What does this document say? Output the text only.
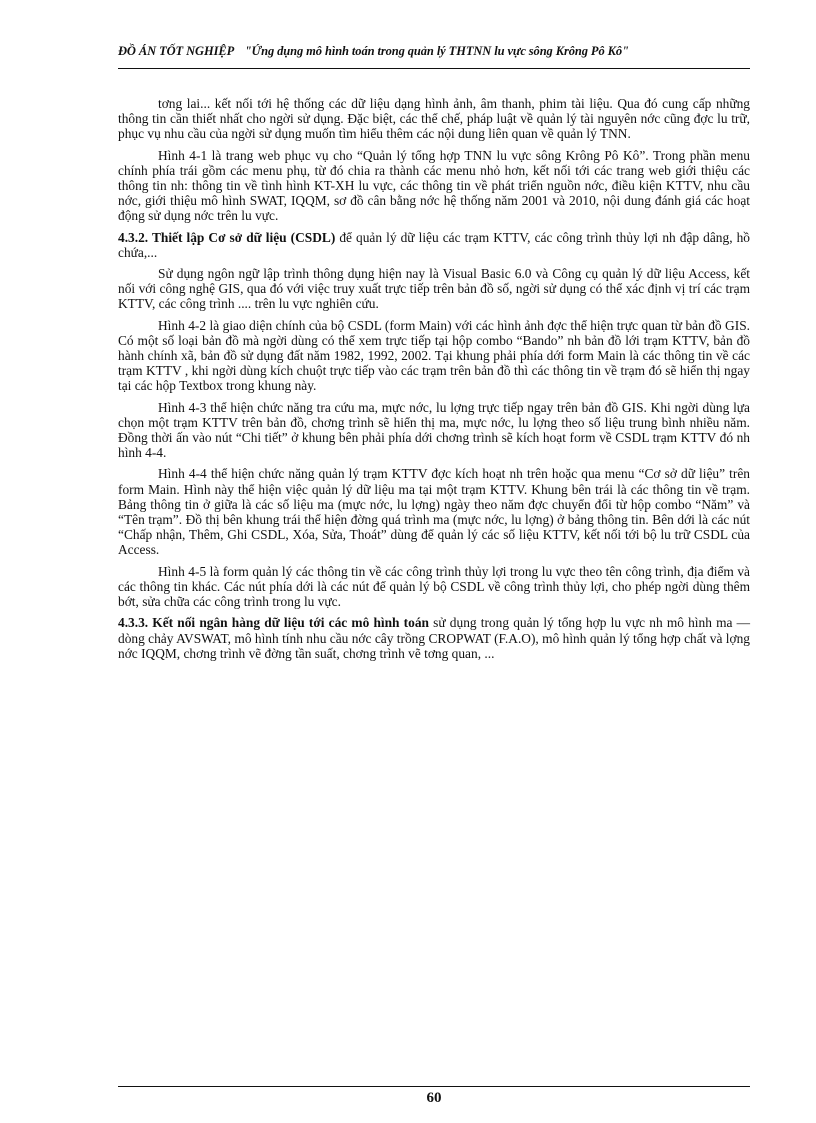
ĐỒ ÁN TỐT NGHIỆP "Ứng dụng mô hình toán trong quản lý THTNN lu vực sông Krông Pô Kô"

tơng lai... kết nối tới hệ thống các dữ liệu dạng hình ảnh, âm thanh, phim tài liệu. Qua đó cung cấp những thông tin cần thiết nhất cho ngời sử dụng. Đặc biệt, các thể chế, pháp luật về quản lý tài nguyên nớc cũng đợc lu trữ, phục vụ nhu cầu của ngời sử dụng muốn tìm hiểu thêm các nội dung liên quan về quản lý TNN.

Hình 4-1 là trang web phục vụ cho “Quản lý tổng hợp TNN lu vực sông Krông Pô Kô”. Trong phần menu chính phía trái gồm các menu phụ, từ đó chia ra thành các menu nhỏ hơn, kết nối tới các trang web giới thiệu các thông tin nh: thông tin về tình hình KT-XH lu vực, các thông tin về phát triển nguồn nớc, điều kiện KTTV, nhu cầu nớc, giới thiệu mô hình SWAT, IQQM, sơ đồ cân bằng nớc hệ thống năm 2001 và 2010, nội dung đánh giá các hoạt động sử dụng nớc trên lu vực.

4.3.2. Thiết lập Cơ sở dữ liệu (CSDL) để quản lý dữ liệu các trạm KTTV, các công trình thủy lợi nh đập dâng, hồ chứa,...

Sử dụng ngôn ngữ lập trình thông dụng hiện nay là Visual Basic 6.0 và Công cụ quản lý dữ liệu Access, kết nối với công nghệ GIS, qua đó với việc truy xuất trực tiếp trên bản đồ số, ngời sử dụng có thể xác định vị trí các trạm KTTV, các công trình .... trên lu vực nghiên cứu.

Hình 4-2 là giao diện chính của bộ CSDL (form Main) với các hình ảnh đợc thể hiện trực quan từ bản đồ GIS. Có một số loại bản đồ mà ngời dùng có thể xem trực tiếp tại hộp combo “Bando” nh bản đồ lới trạm KTTV, bản đồ hành chính xã, bản đồ sử dụng đất năm 1982, 1992, 2002. Tại khung phải phía dới form Main là các thông tin về các trạm KTTV , khi ngời dùng kích chuột trực tiếp vào các trạm trên bản đồ thì các thông tin về trạm đó sẽ hiển thị ngay tại các hộp Textbox trong khung này.

Hình 4-3 thể hiện chức năng tra cứu ma, mực nớc, lu lợng trực tiếp ngay trên bản đồ GIS. Khi ngời dùng lựa chọn một trạm KTTV trên bản đồ, chơng trình sẽ hiển thị ma, mực nớc, lu lợng theo số liệu trung bình nhiều năm. Đồng thời ấn vào nút “Chi tiết” ở khung bên phải phía dới chơng trình sẽ kích hoạt form về CSDL trạm KTTV đó nh hình 4-4.

Hình 4-4 thể hiện chức năng quản lý trạm KTTV đợc kích hoạt nh trên hoặc qua menu “Cơ sở dữ liệu” trên form Main. Hình này thể hiện việc quản lý dữ liệu ma tại một trạm KTTV. Khung bên trái là các thông tin về trạm. Bảng thông tin ở giữa là các số liệu ma (mực nớc, lu lợng) ngày theo năm đợc chuyển đổi từ hộp combo “Năm” và “Tên trạm”. Đồ thị bên khung trái thể hiện đờng quá trình ma (mực nớc, lu lợng) ở bảng thông tin. Bên dới là các nút “Chấp nhận, Thêm, Ghi CSDL, Xóa, Sửa, Thoát” dùng để quản lý các số liệu KTTV, kết nối tới bộ lu trữ CSDL của Access.

Hình 4-5 là form quản lý các thông tin về các công trình thủy lợi trong lu vực theo tên công trình, địa điểm và các thông tin khác. Các nút phía dới là các nút để quản lý bộ CSDL về công trình thủy lợi, cho phép ngời dùng thêm bớt, sửa chữa các công trình trong lu vực.

4.3.3. Kết nối ngân hàng dữ liệu tới các mô hình toán sử dụng trong quản lý tổng hợp lu vực nh mô hình ma — dòng chảy AVSWAT, mô hình tính nhu cầu nớc cây trồng CROPWAT (F.A.O), mô hình quản lý tổng hợp chất và lợng nớc IQQM, chơng trình vẽ đờng tần suất, chơng trình vẽ tơng quan, ...

60
